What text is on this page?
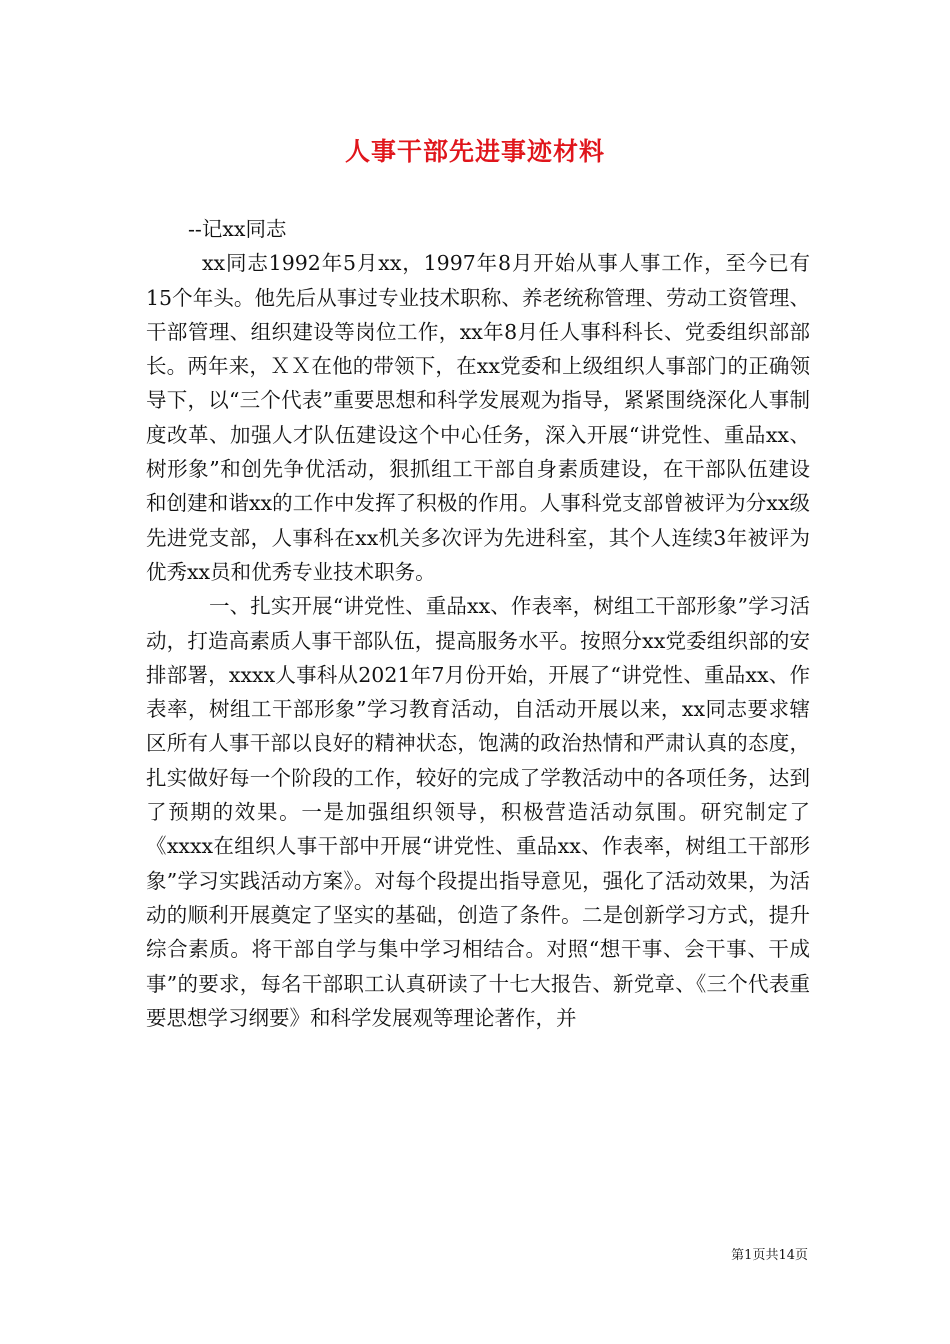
人事干部先进事迹材料

--记xx同志

xx同志1992年5月xx，1997年8月开始从事人事工作，至今已有15个年头。他先后从事过专业技术职称、养老统称管理、劳动工资管理、干部管理、组织建设等岗位工作，xx年8月任人事科科长、党委组织部部长。两年来，ＸＸ在他的带领下，在xx党委和上级组织人事部门的正确领导下，以“三个代表”重要思想和科学发展观为指导，紧紧围绕深化人事制度改革、加强人才队伍建设这个中心任务，深入开展“讲党性、重品xx、树形象”和创先争优活动，狠抓组工干部自身素质建设，在干部队伍建设和创建和谐xx的工作中发挥了积极的作用。人事科党支部曾被评为分xx级先进党支部，人事科在xx机关多次评为先进科室，其个人连续3年被评为优秀xx员和优秀专业技术职务。

一、扎实开展“讲党性、重品xx、作表率，树组工干部形象”学习活动，打造高素质人事干部队伍，提高服务水平。按照分xx党委组织部的安排部署，xxxx人事科从2021年7月份开始，开展了“讲党性、重品xx、作表率，树组工干部形象”学习教育活动，自活动开展以来，xx同志要求辖区所有人事干部以良好的精神状态，饱满的政治热情和严肃认真的态度，扎实做好每一个阶段的工作，较好的完成了学教活动中的各项任务，达到了预期的效果。一是加强组织领导，积极营造活动氛围。研究制定了《xxxx在组织人事干部中开展“讲党性、重品xx、作表率，树组工干部形象”学习实践活动方案》。对每个段提出指导意见，强化了活动效果，为活动的顺利开展奠定了坚实的基础，创造了条件。二是创新学习方式，提升综合素质。将干部自学与集中学习相结合。对照“想干事、会干事、干成事”的要求，每名干部职工认真研读了十七大报告、新党章、《三个代表重要思想学习纲要》和科学发展观等理论著作，并

第1页共14页
